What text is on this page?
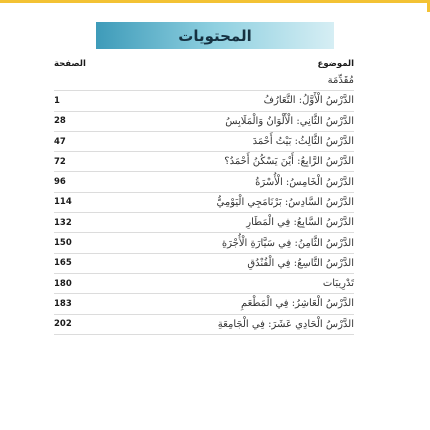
المحتويات
الموضوع
الصفحة
مُقَدِّمَة
الدَّرْسُ الْأَوَّلُ: التَّعَارُفُ
1
الدَّرْسُ الثَّانِي: الْأَلْوَانُ وَالْمَلَابِسُ
28
الدَّرْسُ الثَّالِثُ: بَيْتُ أَحْمَدَ
47
الدَّرْسُ الرَّابِعُ: أَيْنَ يَسْكُنُ أَحْمَدُ؟
72
الدَّرْسُ الْخَامِسُ: الْأُسْرَةُ
96
الدَّرْسُ السَّادِسُ: بَرْنَامَجِي الْيَوْمِيُّ
114
الدَّرْسُ السَّابِعُ: فِي الْمَطَارِ
132
الدَّرْسُ الثَّامِنُ: فِي سَيَّارَةِ الْأُجْرَةِ
150
الدَّرْسُ التَّاسِعُ: فِي الْفُنْدُقِ
165
تَدْرِيبَات
180
الدَّرْسُ الْعَاشِرُ: فِي الْمَطْعَمِ
183
الدَّرْسُ الْحَادِي عَشَرَ: فِي الْجَامِعَةِ
202
